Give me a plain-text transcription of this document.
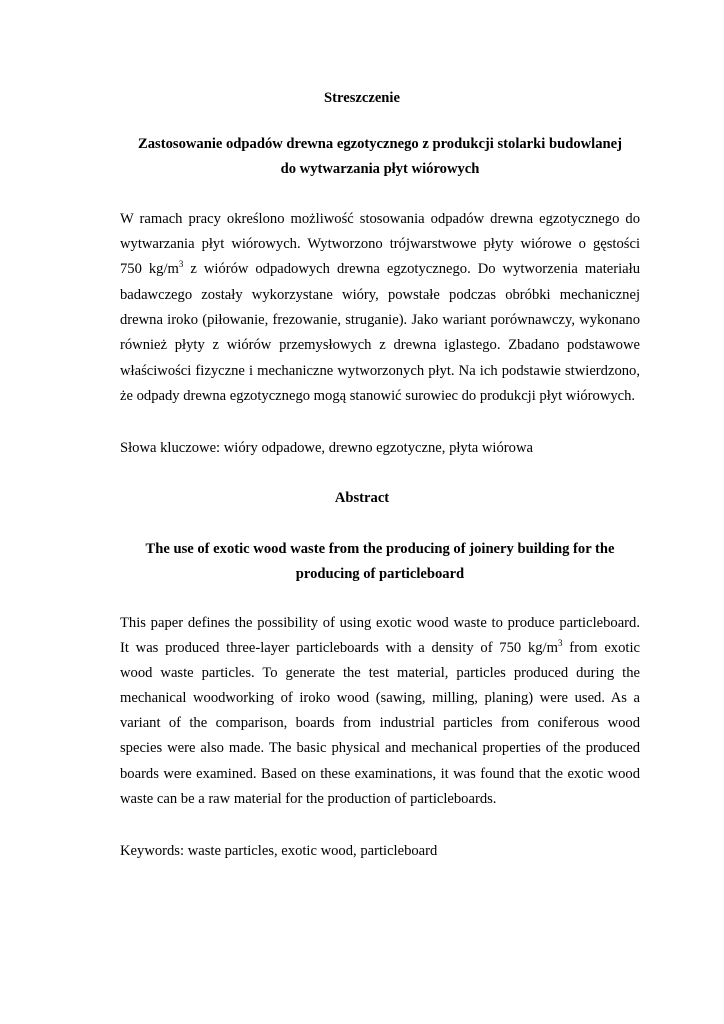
Streszczenie
Zastosowanie odpadów drewna egzotycznego z produkcji stolarki budowlanej
do wytwarzania płyt wiórowych

W ramach pracy określono możliwość stosowania odpadów drewna egzotycznego do

wytwarzania płyt wiórowych. Wytworzono trójwarstwowe płyty wiórowe o gęstości

750 $kg/m^3$ z wiórów odpadowych drewna egzotycznego. Do wytworzenia materiału

badawczego zostały wykorzystane wióry, powstałe podczas obróbki mechanicznej

drewna iroko (piłowanie, frezowanie, struganie). Jako wariant porównawczy, wykonano

również płyty z wiórów przemysłowych z drewna iglastego. Zbadano podstawowe

właściwości fizyczne i mechaniczne wytworzonych płyt. Na ich podstawie stwierdzono,

że odpady drewna egzotycznego mogą stanowić surowiec do produkcji płyt wiórowych.

Słowa kluczowe: wióry odpadowe, drewno egzotyczne, płyta wiórowa

Abstract
The use of exotic wood waste from the producing of joinery building for the
producing of particleboard

This paper defines the possibility of using exotic wood waste to produce particleboard.

It was produced three-layer particleboards with a density of 750 $kg/m^3$ from exotic

wood waste particles. To generate the test material, particles produced during the

mechanical woodworking of iroko wood (sawing, milling, planing) were used. As a

variant of the comparison, boards from industrial particles from coniferous wood

species were also made. The basic physical and mechanical properties of the produced

boards were examined. Based on these examinations, it was found that the exotic wood

waste can be a raw material for the production of particleboards.

Keywords: waste particles, exotic wood, particleboard
